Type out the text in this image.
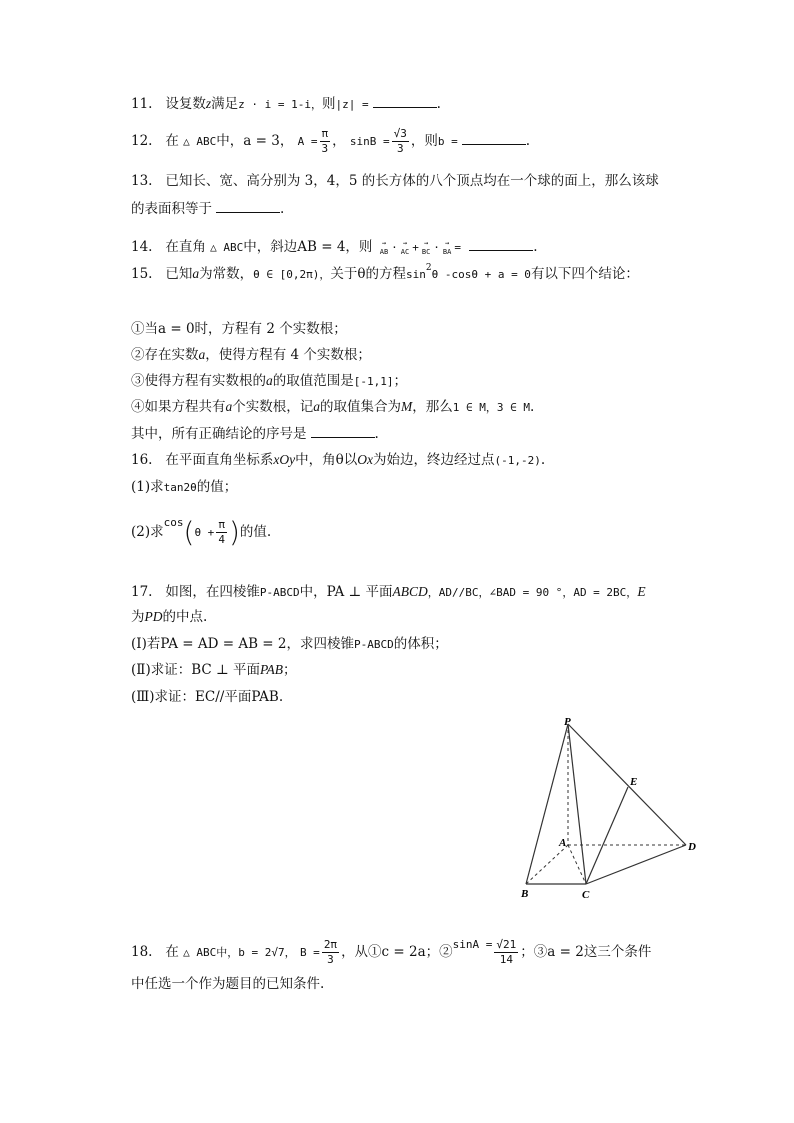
11. 设复数z满足z · i = 1-i，则|z| =	.
12. 在 △ ABC中，a = 3， $A = \frac{\pi}{3}$ ， $\sin B = \frac{√3}{3}$ ，则b =	.
13. 已知长、宽、高分别为 3，4，5 的长方体的八个顶点均在一个球的面上，那么该球
的表面积等于	.
14. 在直角 △ ABC中，斜边AB = 4，则	→
AB · →
AC + →
BC · →
BA =	.
15. 已知a为常数，θ ∈ [0,2π)，关于θ的方程$\sin^2\theta$ -cosθ + a = 0有以下四个结论：
①当a = 0时，方程有 2 个实数根；
②存在实数a，使得方程有 4 个实数根；
③使得方程有实数根的a的取值范围是[-1,1]；
④如果方程共有a个实数根，记a的取值集合为M，那么1 ∈ M，3 ∈ M.
其中，所有正确结论的序号是	.
16. 在平面直角坐标系xOy中，角θ以Ox为始边，终边经过点(-1,-2).
(1)求tan2θ的值；
(2)求$^{cos}(\theta + \frac{\pi}{4}$ )的值.
17. 如图，在四棱锥P-ABCD中，PA ⊥ 平面ABCD，AD//BC，∠BAD = 90 °，AD = 2BC，E
为PD的中点.
(Ⅰ)若PA = AD = AB = 2，求四棱锥P-ABCD的体积；
(Ⅱ)求证：BC ⊥ 平面PAB；
(Ⅲ)求证：EC//平面PAB.
P
E
A	D
B	C
18. 在 △ ABC中，b = 2√7， $B = \frac{2\pi}{3}$ ，从①c = 2a；②$^{sinA =}$ $\frac{√21}{14}$ ；③a = 2这三个条件
中任选一个作为题目的已知条件.
